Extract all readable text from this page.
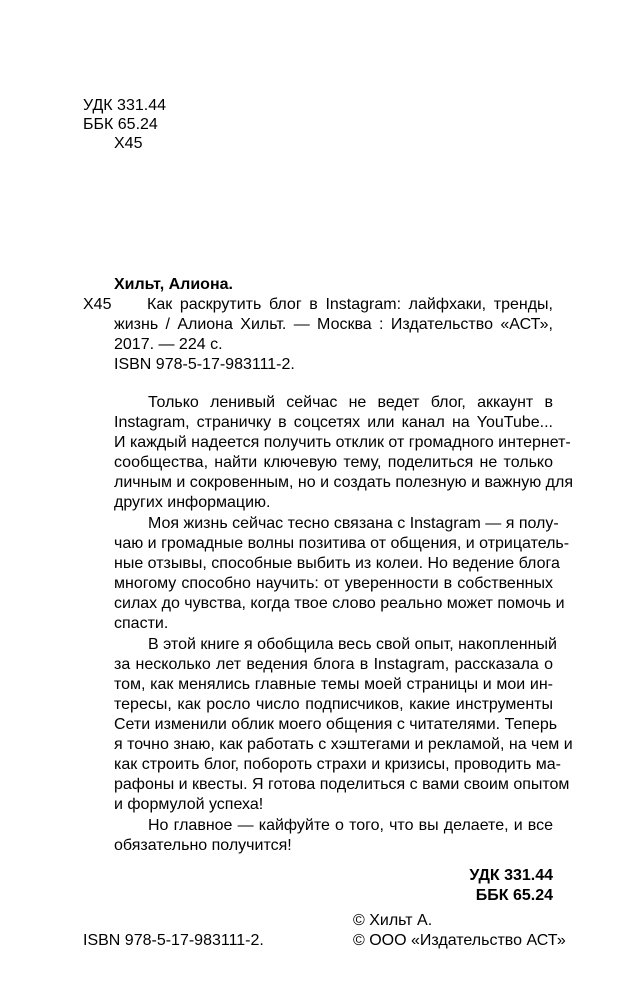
УДК 331.44
ББК 65.24
Х45
Хильт, Алиона.
Х45 Как раскрутить блог в Instagram: лайфхаки, тренды,
жизнь / Алиона Хильт. — Москва : Издательство «АСТ»,
2017. — 224 с.
ISBN 978-5-17-983111-2.
Только ленивый сейчас не ведет блог, аккаунт в
Instagram, страничку в соцсетях или канал на YouTube...
И каждый надеется получить отклик от громадного интернет-
сообщества, найти ключевую тему, поделиться не только
личным и сокровенным, но и создать полезную и важную для
других информацию.
Моя жизнь сейчас тесно связана с Instagram — я полу-
чаю и громадные волны позитива от общения, и отрицатель-
ные отзывы, способные выбить из колеи. Но ведение блога
многому способно научить: от уверенности в собственных
силах до чувства, когда твое слово реально может помочь и
спасти.
В этой книге я обобщила весь свой опыт, накопленный
за несколько лет ведения блога в Instagram, рассказала о
том, как менялись главные темы моей страницы и мои ин-
тересы, как росло число подписчиков, какие инструменты
Сети изменили облик моего общения с читателями. Теперь
я точно знаю, как работать с хэштегами и рекламой, на чем и
как строить блог, побороть страхи и кризисы, проводить ма-
рафоны и квесты. Я готова поделиться с вами своим опытом
и формулой успеха!
Но главное — кайфуйте о того, что вы делаете, и все
обязательно получится!
УДК 331.44
ББК 65.24
© Хильт А.
ISBN 978-5-17-983111-2.	© ООО «Издательство АСТ»
